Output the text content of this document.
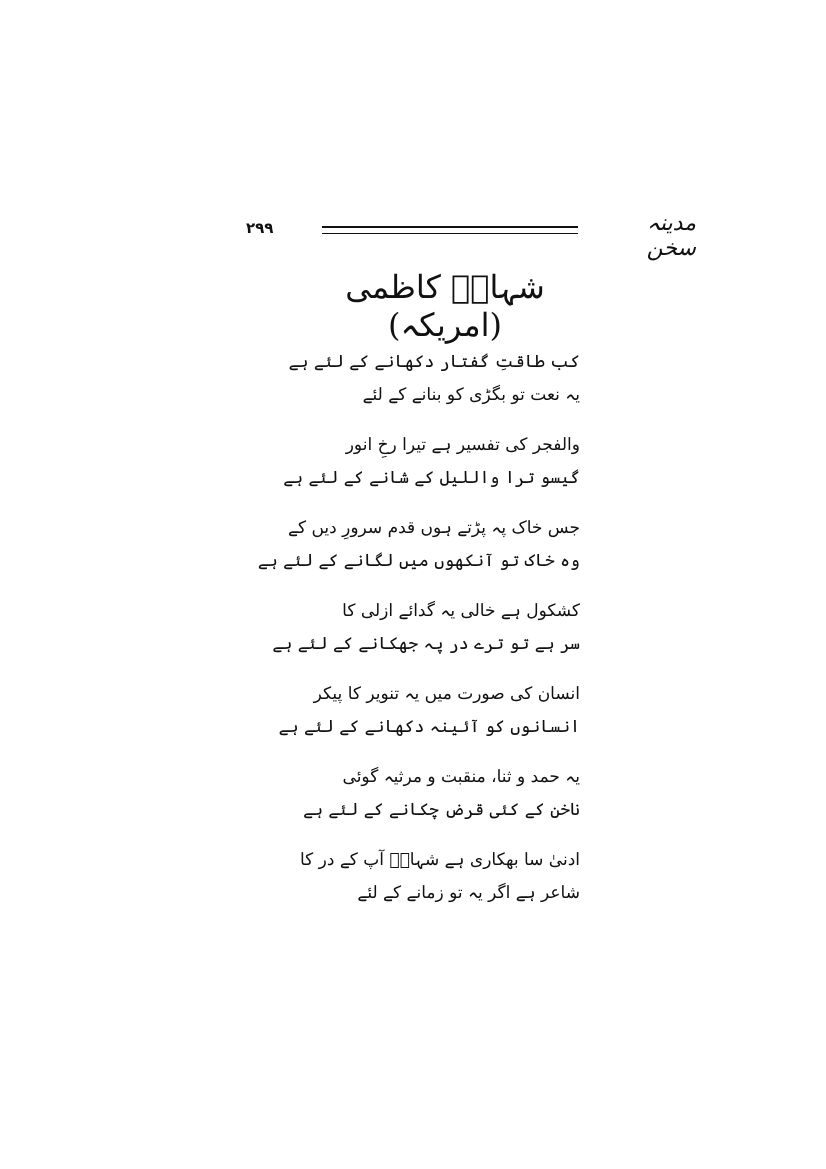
۲۹۹	مدینہ سخن
شہابؔ کاظمی (امریکہ)
کب طاقتِ گفتار دکھانے کے لئے ہے
یہ نعت تو بگڑی کو بنانے کے لئے
والفجر کی تفسیر ہے تیرا رخِ انور
گیسو ترا واللیل کے شانے کے لئے ہے
جس خاک پہ پڑتے ہوں قدم سرورِ دیں کے
وہ خاک تو آنکھوں میں لگانے کے لئے ہے
کشکول ہے خالی یہ گدائے ازلی کا
سر ہے تو ترے در پہ جھکانے کے لئے ہے
انسان کی صورت میں یہ تنویر کا پیکر
انسانوں کو آئینہ دکھانے کے لئے ہے
یہ حمد و ثنا، منقبت و مرثیہ گوئی
ناخن کے کئی قرض چکانے کے لئے ہے
ادنیٰ سا بھکاری ہے شہابؔ آپ کے در کا
شاعر ہے اگر یہ تو زمانے کے لئے
